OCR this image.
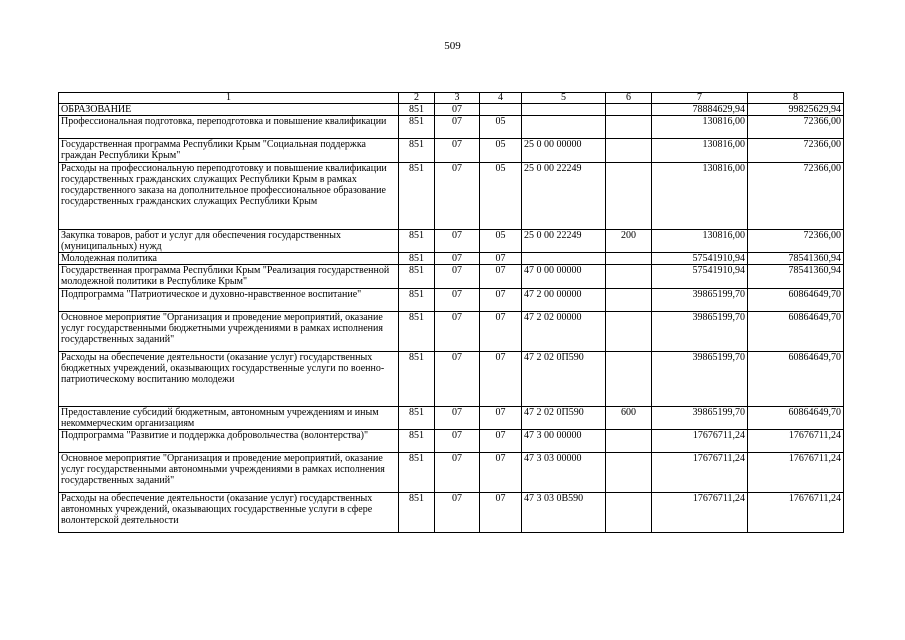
509
1	2	3	4	5	6	7	8
ОБРАЗОВАНИЕ	851	07				78884629,94	99825629,94
Профессиональная подготовка, переподготовка и повышение квалификации	851	07	05			130816,00	72366,00
Государственная программа Республики Крым "Социальная поддержка граждан Республики Крым"	851	07	05	25 0 00 00000		130816,00	72366,00
Расходы на профессиональную переподготовку и повышение квалификации государственных гражданских служащих Республики Крым в рамках государственного заказа на дополнительное профессиональное образование государственных гражданских служащих Республики Крым	851	07	05	25 0 00 22249		130816,00	72366,00
Закупка товаров, работ и услуг для обеспечения государственных (муниципальных) нужд	851	07	05	25 0 00 22249	200	130816,00	72366,00
Молодежная политика	851	07	07			57541910,94	78541360,94
Государственная программа Республики Крым "Реализация государственной молодежной политики в Республике Крым"	851	07	07	47 0 00 00000		57541910,94	78541360,94
Подпрограмма "Патриотическое и духовно-нравственное воспитание"	851	07	07	47 2 00 00000		39865199,70	60864649,70
Основное мероприятие "Организация и проведение мероприятий, оказание услуг государственными бюджетными учреждениями в рамках исполнения государственных заданий"	851	07	07	47 2 02 00000		39865199,70	60864649,70
Расходы на обеспечение деятельности (оказание услуг) государственных бюджетных учреждений, оказывающих государственные услуги по военно-патриотическому воспитанию молодежи	851	07	07	47 2 02 0П590		39865199,70	60864649,70
Предоставление субсидий бюджетным, автономным учреждениям и иным некоммерческим организациям	851	07	07	47 2 02 0П590	600	39865199,70	60864649,70
Подпрограмма "Развитие и поддержка добровольчества (волонтерства)"	851	07	07	47 3 00 00000		17676711,24	17676711,24
Основное мероприятие "Организация и проведение мероприятий, оказание услуг государственными автономными учреждениями в рамках исполнения государственных заданий"	851	07	07	47 3 03 00000		17676711,24	17676711,24
Расходы на обеспечение деятельности (оказание услуг) государственных автономных учреждений, оказывающих государственные услуги в сфере волонтерской деятельности	851	07	07	47 3 03 0В590		17676711,24	17676711,24
